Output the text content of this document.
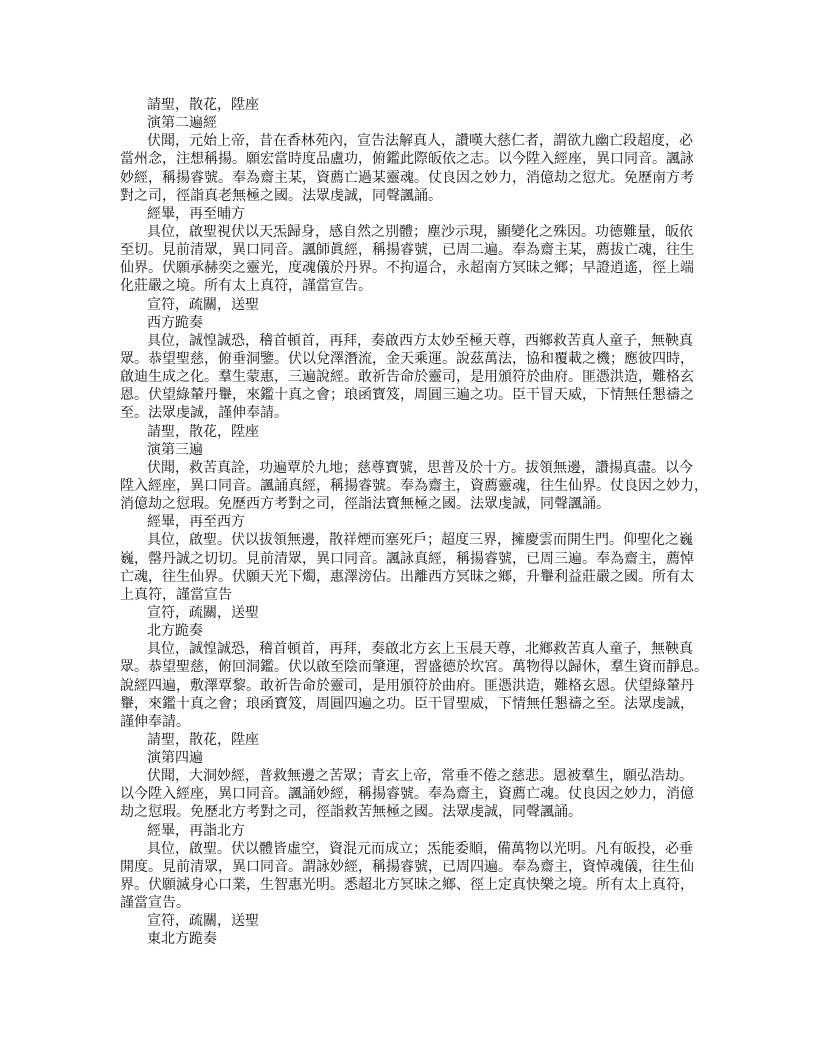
請聖，散花，陞座
演第二遍經
伏聞，元始上帝，昔在香林苑內，宣告法解真人，讚嘆大慈仁者，謂欲九幽亡段超度，必
當州念，注想稱揚。願宏當時度品盧功，俯鑑此際皈依之志。以今陞入經座，異口同音。諷詠
妙經，稱揚睿號。奉為齋主某，資薦亡過某靈魂。仗良因之妙力，消億劫之愆尤。免歷南方考
對之司，徑詣真老無極之國。法眾虔誠，同聲諷誦。
經畢，再至晡方
具位，啟聖視伏以天炁歸身，感自然之別體；塵沙示現，顯變化之殊因。功德難量，皈依
至切。見前清眾，異口同音。諷師眞經，稱揚睿號，已周二遍。奉為齋主某，薦拔亡魂，往生
仙界。伏願承赫奕之靈光，度魂儀於丹界。不拘逼合，永超南方冥昧之鄉；早證逍遙，徑上端
化莊嚴之境。所有太上真符，謹當宣告。
宣符，疏關，送聖
西方跪奏
具位，誠惶誠恐，稽首頓首，再拜，奏啟西方太妙至極天尊，西鄉救苦真人童子，無鞅真
眾。恭望聖慈，俯垂洞鑒。伏以兌澤潛流，金天乘運。說茲萬法，協和覆載之機；應彼四時，
啟迪生成之化。羣生蒙惠，三遍說經。敢祈告命於靈司，是用頒符於曲府。匪憑洪造，難格玄
恩。伏望綠輦丹轝，來鑑十真之會；琅函寶笈，周圓三遍之功。臣干冒天威，下情無任懇禱之
至。法眾虔誠，謹伸奉請。
請聖，散花，陞座
演第三遍
伏聞，救苦真詮，功遍覃於九地；慈尊寶號，思普及於十方。拔領無邊，讚揚真盡。以今
陞入經座，異口同音。諷誦真經，稱揚睿號。奉為齋主，資薦靈魂，往生仙界。仗良因之妙力，
消億劫之愆瑕。免歷西方考對之司，徑詣法寶無極之國。法眾虔誠，同聲諷誦。
經畢，再至西方
具位，啟聖。伏以拔領無邊，散祥煙而塞死戶；超度三界，擁慶雲而開生門。仰聖化之巍
巍，罄丹誠之切切。見前清眾，異口同音。諷詠真經，稱揚睿號，已周三遍。奉為齋主，薦悼
亡魂，往生仙界。伏願天光下燭，惠澤滂佔。出離西方冥昧之鄉，升轝利益莊嚴之國。所有太
上真符，謹當宣告
宣符，疏關，送聖
北方跪奏
具位，誠惶誠恐，稽首頓首，再拜，奏啟北方玄上玉晨天尊，北鄉救苦真人童子，無鞅真
眾。恭望聖慈，俯回洞鑑。伏以啟至陰而肇運，習盛德於坎宮。萬物得以歸休，羣生資而靜息。
說經四遍，敷澤覃黎。敢祈告命於靈司，是用頒符於曲府。匪憑洪造，難格玄恩。伏望綠輦丹
轝，來鑑十真之會；琅函寶笈，周圓四遍之功。臣干冒聖威，下情無任懇禱之至。法眾虔誠，
謹伸奉請。
請聖，散花，陞座
演第四遍
伏聞，大洞妙經，普救無邊之苦眾；青玄上帝，常垂不倦之慈悲。恩被羣生，願弘浩劫。
以今陞入經座，異口同音。諷誦妙經，稱揚睿號。奉為齋主，資薦亡魂。仗良因之妙力，消億
劫之愆瑕。免歷北方考對之司，徑詣救苦無極之國。法眾虔誠，同聲諷誦。
經畢，再詣北方
具位，啟聖。伏以體皆虛空，資混元而成立；炁能委順，備萬物以光明。凡有皈投，必垂
開度。見前清眾，異口同音。謂詠妙經，稱揚睿號，已周四遍。奉為齋主，資悼魂儀，往生仙
界。伏願滅身心口業，生智惠光明。悉超北方冥昧之鄉、徑上定真快樂之境。所有太上真符，
謹當宣告。
宣符，疏關，送聖
東北方跪奏
